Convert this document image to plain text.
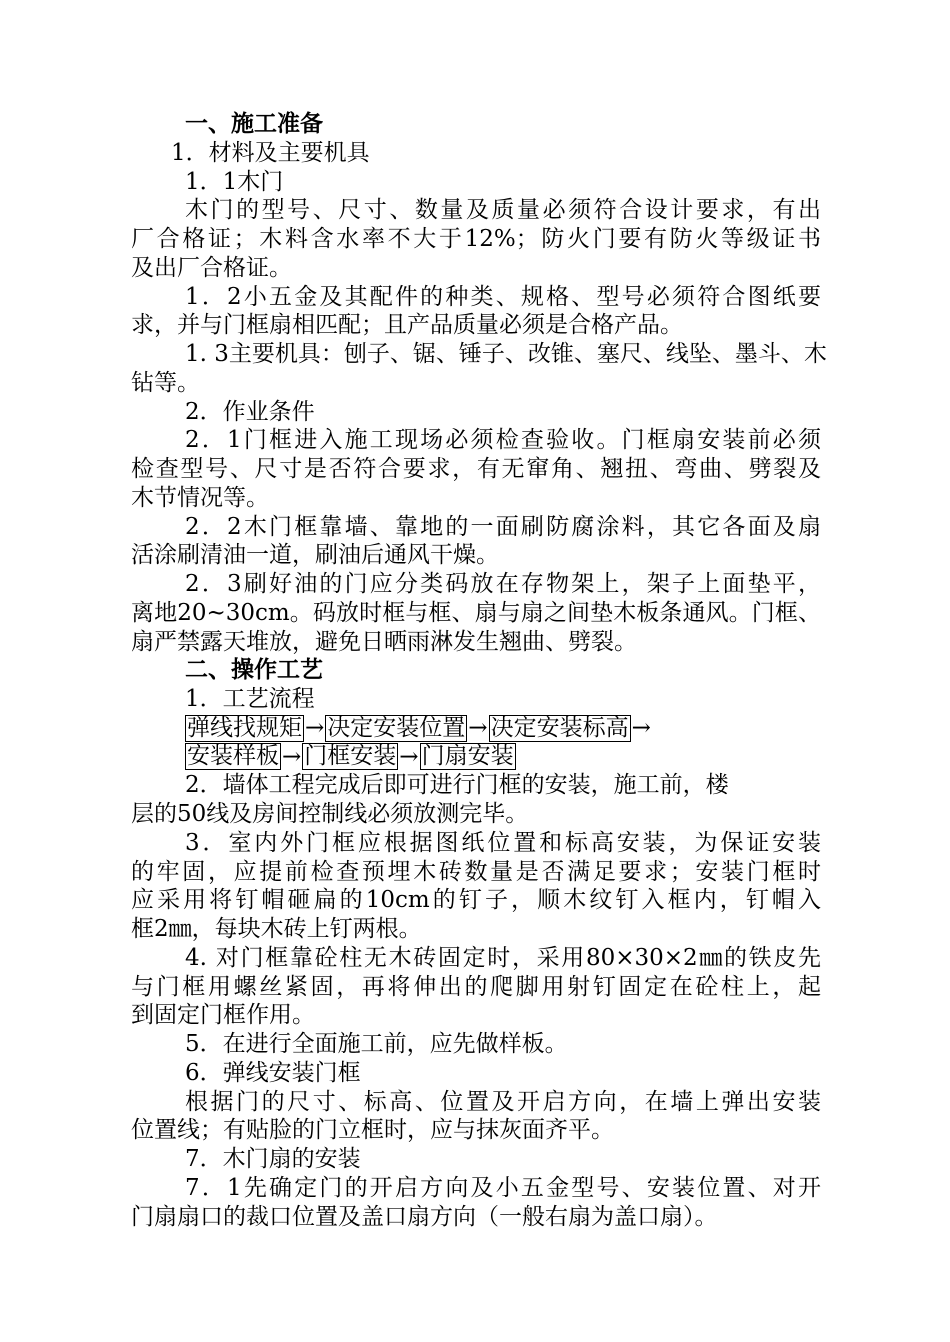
一、施工准备
1．材料及主要机具
1．1木门
木门的型号、尺寸、数量及质量必须符合设计要求，有出
厂合格证；木料含水率不大于12%；防火门要有防火等级证书
及出厂合格证。
1．2小五金及其配件的种类、规格、型号必须符合图纸要
求，并与门框扇相匹配；且产品质量必须是合格产品。
1. 3主要机具：刨子、锯、锤子、改锥、塞尺、线坠、墨斗、木
钻等。
2．作业条件
2．1门框进入施工现场必须检查验收。门框扇安装前必须
检查型号、尺寸是否符合要求，有无窜角、翘扭、弯曲、劈裂及
木节情况等。
2．2木门框靠墙、靠地的一面刷防腐涂料，其它各面及扇
活涂刷清油一道，刷油后通风干燥。
2．3刷好油的门应分类码放在存物架上，架子上面垫平，
离地20~30cm。码放时框与框、扇与扇之间垫木板条通风。门框、
扇严禁露天堆放，避免日晒雨淋发生翘曲、劈裂。
二、操作工艺
1．工艺流程
弹线找规矩 → 决定安装位置 → 决定安装标高 →
安装样板 → 门框安装 → 门扇安装
2．墙体工程完成后即可进行门框的安装，施工前，楼
层的50线及房间控制线必须放测完毕。
3．室内外门框应根据图纸位置和标高安装，为保证安装
的牢固，应提前检查预埋木砖数量是否满足要求；安装门框时
应采用将钉帽砸扁的10cm的钉子，顺木纹钉入框内，钉帽入
框2㎜，每块木砖上钉两根。
4. 对门框靠砼柱无木砖固定时，采用80×30×2㎜的铁皮先
与门框用螺丝紧固，再将伸出的爬脚用射钉固定在砼柱上，起
到固定门框作用。
5．在进行全面施工前，应先做样板。
6．弹线安装门框
根据门的尺寸、标高、位置及开启方向，在墙上弹出安装
位置线；有贴脸的门立框时，应与抹灰面齐平。
7．木门扇的安装
7．1先确定门的开启方向及小五金型号、安装位置、对开
门扇扇口的裁口位置及盖口扇方向（一般右扇为盖口扇）。
